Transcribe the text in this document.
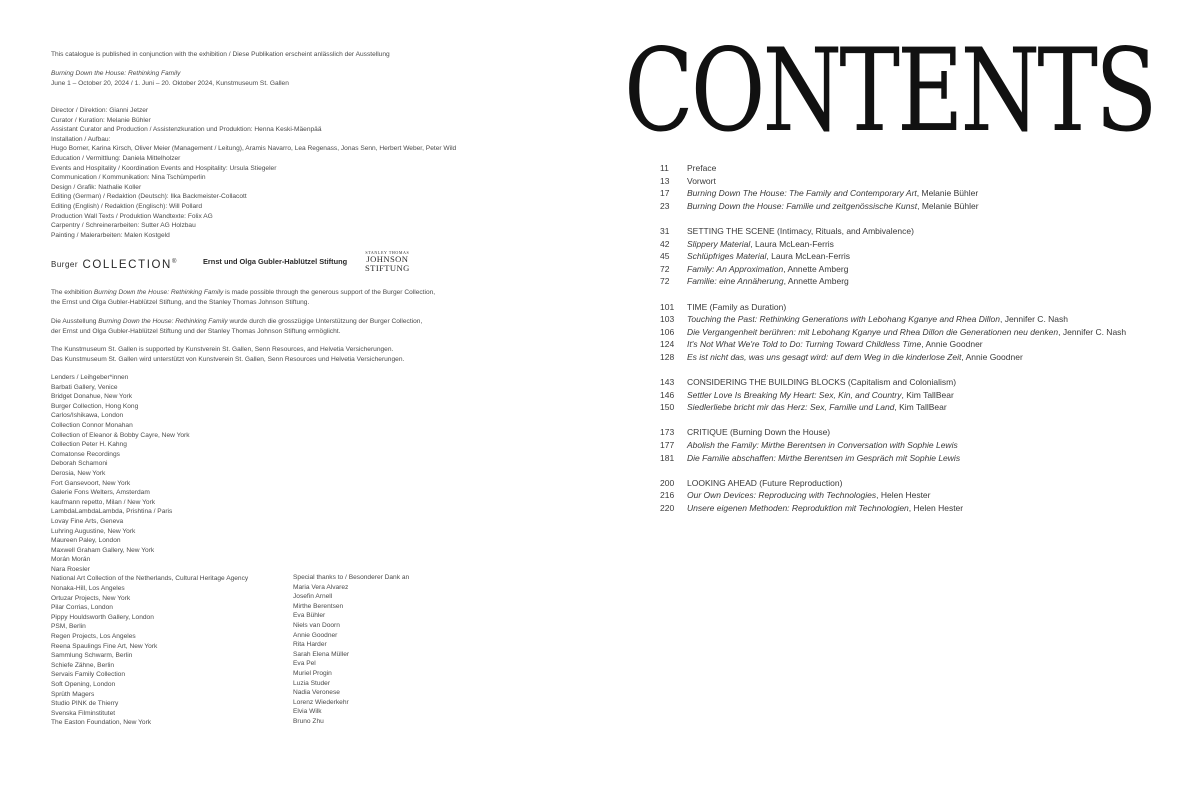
This catalogue is published in conjunction with the exhibition / Diese Publikation erscheint anlässlich der Ausstellung
Burning Down the House: Rethinking Family
June 1 – October 20, 2024 / 1. Juni – 20. Oktober 2024, Kunstmuseum St. Gallen
Director / Direktion: Gianni Jetzer
Curator / Kuration: Melanie Bühler
Assistant Curator and Production / Assistenzkuration und Produktion: Henna Keski-Mäenpää
Installation / Aufbau:
Hugo Borner, Karina Kirsch, Oliver Meier (Management / Leitung), Aramis Navarro, Lea Regenass, Jonas Senn, Herbert Weber, Peter Wild
Education / Vermittlung: Daniela Mittelholzer
Events and Hospitality / Koordination Events and Hospitality: Ursula Stiegeler
Communication / Kommunikation: Nina Tschümperlin
Design / Grafik: Nathalie Koller
Editing (German) / Redaktion (Deutsch): Ilka Backmeister-Collacott
Editing (English) / Redaktion (Englisch): Will Pollard
Production Wall Texts / Produktion Wandtexte: Folix AG
Carpentry / Schreinerarbeiten: Sutter AG Holzbau
Painting / Malerarbeiten: Malen Kostgeld
Burger COLLECTION®	Ernst und Olga Gubler-Hablützel Stiftung
STANLEY THOMAS
JOHNSON
STIFTUNG
The exhibition Burning Down the House: Rethinking Family is made possible through the generous support of the Burger Collection,
the Ernst und Olga Gubler-Hablützel Stiftung, and the Stanley Thomas Johnson Stiftung.
Die Ausstellung Burning Down the House: Rethinking Family wurde durch die grosszügige Unterstützung der Burger Collection,
der Ernst und Olga Gubler-Hablützel Stiftung und der Stanley Thomas Johnson Stiftung ermöglicht.
The Kunstmuseum St. Gallen is supported by Kunstverein St. Gallen, Senn Resources, and Helvetia Versicherungen.
Das Kunstmuseum St. Gallen wird unterstützt von Kunstverein St. Gallen, Senn Resources und Helvetia Versicherungen.
Lenders / Leihgeber*innen
Barbati Gallery, Venice
Bridget Donahue, New York
Burger Collection, Hong Kong
Carlos/Ishikawa, London
Collection Connor Monahan
Collection of Eleanor & Bobby Cayre, New York
Collection Peter H. Kahng
Comatonse Recordings
Deborah Schamoni
Derosia, New York
Fort Gansevoort, New York
Galerie Fons Welters, Amsterdam
kaufmann repetto, Milan / New York
LambdaLambdaLambda, Prishtina / Paris
Lovay Fine Arts, Geneva
Luhring Augustine, New York
Maureen Paley, London
Maxwell Graham Gallery, New York
Morán Morán
Nara Roesler
National Art Collection of the Netherlands, Cultural Heritage Agency
Nonaka-Hill, Los Angeles
Ortuzar Projects, New York
Pilar Corrias, London
Pippy Houldsworth Gallery, London
PSM, Berlin
Regen Projects, Los Angeles
Reena Spaulings Fine Art, New York
Sammlung Schwarm, Berlin
Schiefe Zähne, Berlin
Servais Family Collection
Soft Opening, London
Sprüth Magers
Studio PINK de Thierry
Svenska Filminstitutet
The Easton Foundation, New York
Special thanks to / Besonderer Dank an
Maria Vera Alvarez
Josefin Arnell
Mirthe Berentsen
Eva Bühler
Niels van Doorn
Annie Goodner
Rita Harder
Sarah Elena Müller
Eva Pel
Muriel Progin
Luzia Studer
Nadia Veronese
Lorenz Wiederkehr
Elvia Wilk
Bruno Zhu
CONTENTS
11 Preface
13 Vorwort
17 Burning Down The House: The Family and Contemporary Art, Melanie Bühler
23 Burning Down the House: Familie und zeitgenössische Kunst, Melanie Bühler
31 SETTING THE SCENE (Intimacy, Rituals, and Ambivalence)
42 Slippery Material, Laura McLean-Ferris
45 Schlüpfriges Material, Laura McLean-Ferris
72 Family: An Approximation, Annette Amberg
72 Familie: eine Annäherung, Annette Amberg
101 TIME (Family as Duration)
103 Touching the Past: Rethinking Generations with Lebohang Kganye and Rhea Dillon, Jennifer C. Nash
106 Die Vergangenheit berühren: mit Lebohang Kganye und Rhea Dillon die Generationen neu denken, Jennifer C. Nash
124 It's Not What We're Told to Do: Turning Toward Childless Time, Annie Goodner
128 Es ist nicht das, was uns gesagt wird: auf dem Weg in die kinderlose Zeit, Annie Goodner
143 CONSIDERING THE BUILDING BLOCKS (Capitalism and Colonialism)
146 Settler Love Is Breaking My Heart: Sex, Kin, and Country, Kim TallBear
150 Siedlerliebe bricht mir das Herz: Sex, Familie und Land, Kim TallBear
173 CRITIQUE (Burning Down the House)
177 Abolish the Family: Mirthe Berentsen in Conversation with Sophie Lewis
181 Die Familie abschaffen: Mirthe Berentsen im Gespräch mit Sophie Lewis
200 LOOKING AHEAD (Future Reproduction)
216 Our Own Devices: Reproducing with Technologies, Helen Hester
220 Unsere eigenen Methoden: Reproduktion mit Technologien, Helen Hester
